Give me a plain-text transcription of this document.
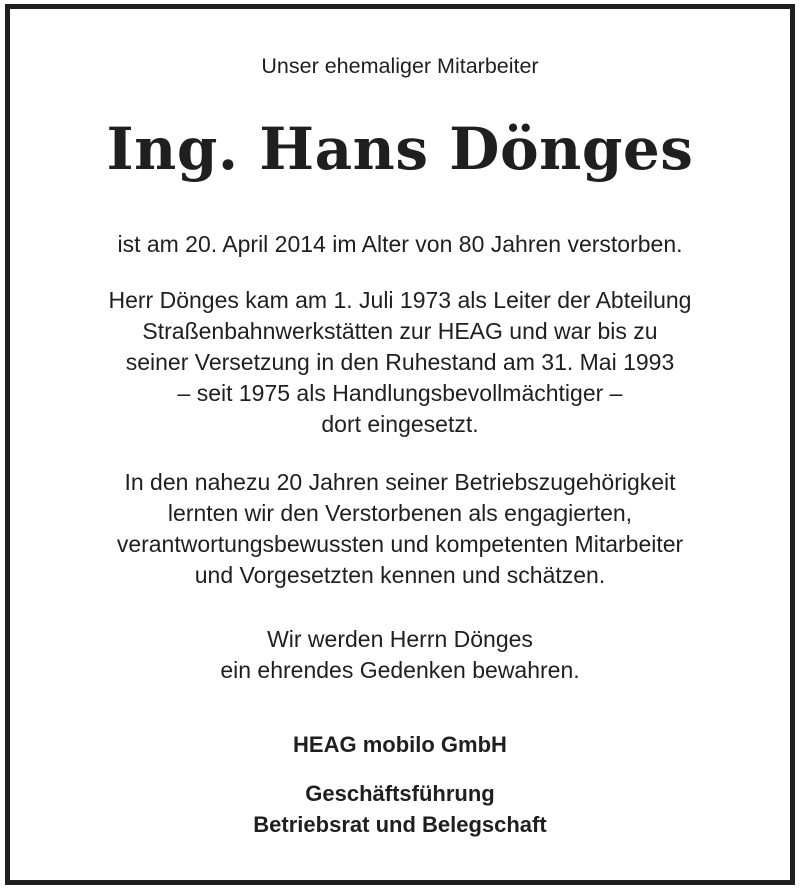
Unser ehemaliger Mitarbeiter
Ing. Hans Dönges
ist am 20. April 2014 im Alter von 80 Jahren verstorben.
Herr Dönges kam am 1. Juli 1973 als Leiter der Abteilung
Straßenbahnwerkstätten zur HEAG und war bis zu
seiner Versetzung in den Ruhestand am 31. Mai 1993
– seit 1975 als Handlungsbevollmächtiger –
dort eingesetzt.
In den nahezu 20 Jahren seiner Betriebszugehörigkeit
lernten wir den Verstorbenen als engagierten,
verantwortungsbewussten und kompetenten Mitarbeiter
und Vorgesetzten kennen und schätzen.
Wir werden Herrn Dönges
ein ehrendes Gedenken bewahren.
HEAG mobilo GmbH
Geschäftsführung
Betriebsrat und Belegschaft
